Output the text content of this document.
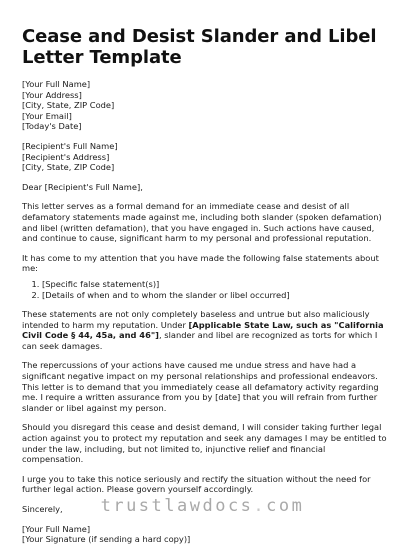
Cease and Desist Slander and Libel Letter Template
[Your Full Name]
[Your Address]
[City, State, ZIP Code]
[Your Email]
[Today's Date]
[Recipient's Full Name]
[Recipient's Address]
[City, State, ZIP Code]

Dear [Recipient's Full Name],

This letter serves as a formal demand for an immediate cease and desist of all defamatory statements made against me, including both slander (spoken defamation) and libel (written defamation), that you have engaged in. Such actions have caused, and continue to cause, significant harm to my personal and professional reputation.

It has come to my attention that you have made the following false statements about me:

1. [Specific false statement(s)]
2. [Details of when and to whom the slander or libel occurred]

These statements are not only completely baseless and untrue but also maliciously intended to harm my reputation. Under [Applicable State Law, such as "California Civil Code § 44, 45a, and 46"], slander and libel are recognized as torts for which I can seek damages.

The repercussions of your actions have caused me undue stress and have had a significant negative impact on my personal relationships and professional endeavors. This letter is to demand that you immediately cease all defamatory activity regarding me. I require a written assurance from you by [date] that you will refrain from further slander or libel against my person.

Should you disregard this cease and desist demand, I will consider taking further legal action against you to protect my reputation and seek any damages I may be entitled to under the law, including, but not limited to, injunctive relief and financial compensation.

I urge you to take this notice seriously and rectify the situation without the need for further legal action. Please govern yourself accordingly.

Sincerely,

[Your Full Name]
[Your Signature (if sending a hard copy)]
trustlawdocs.com
